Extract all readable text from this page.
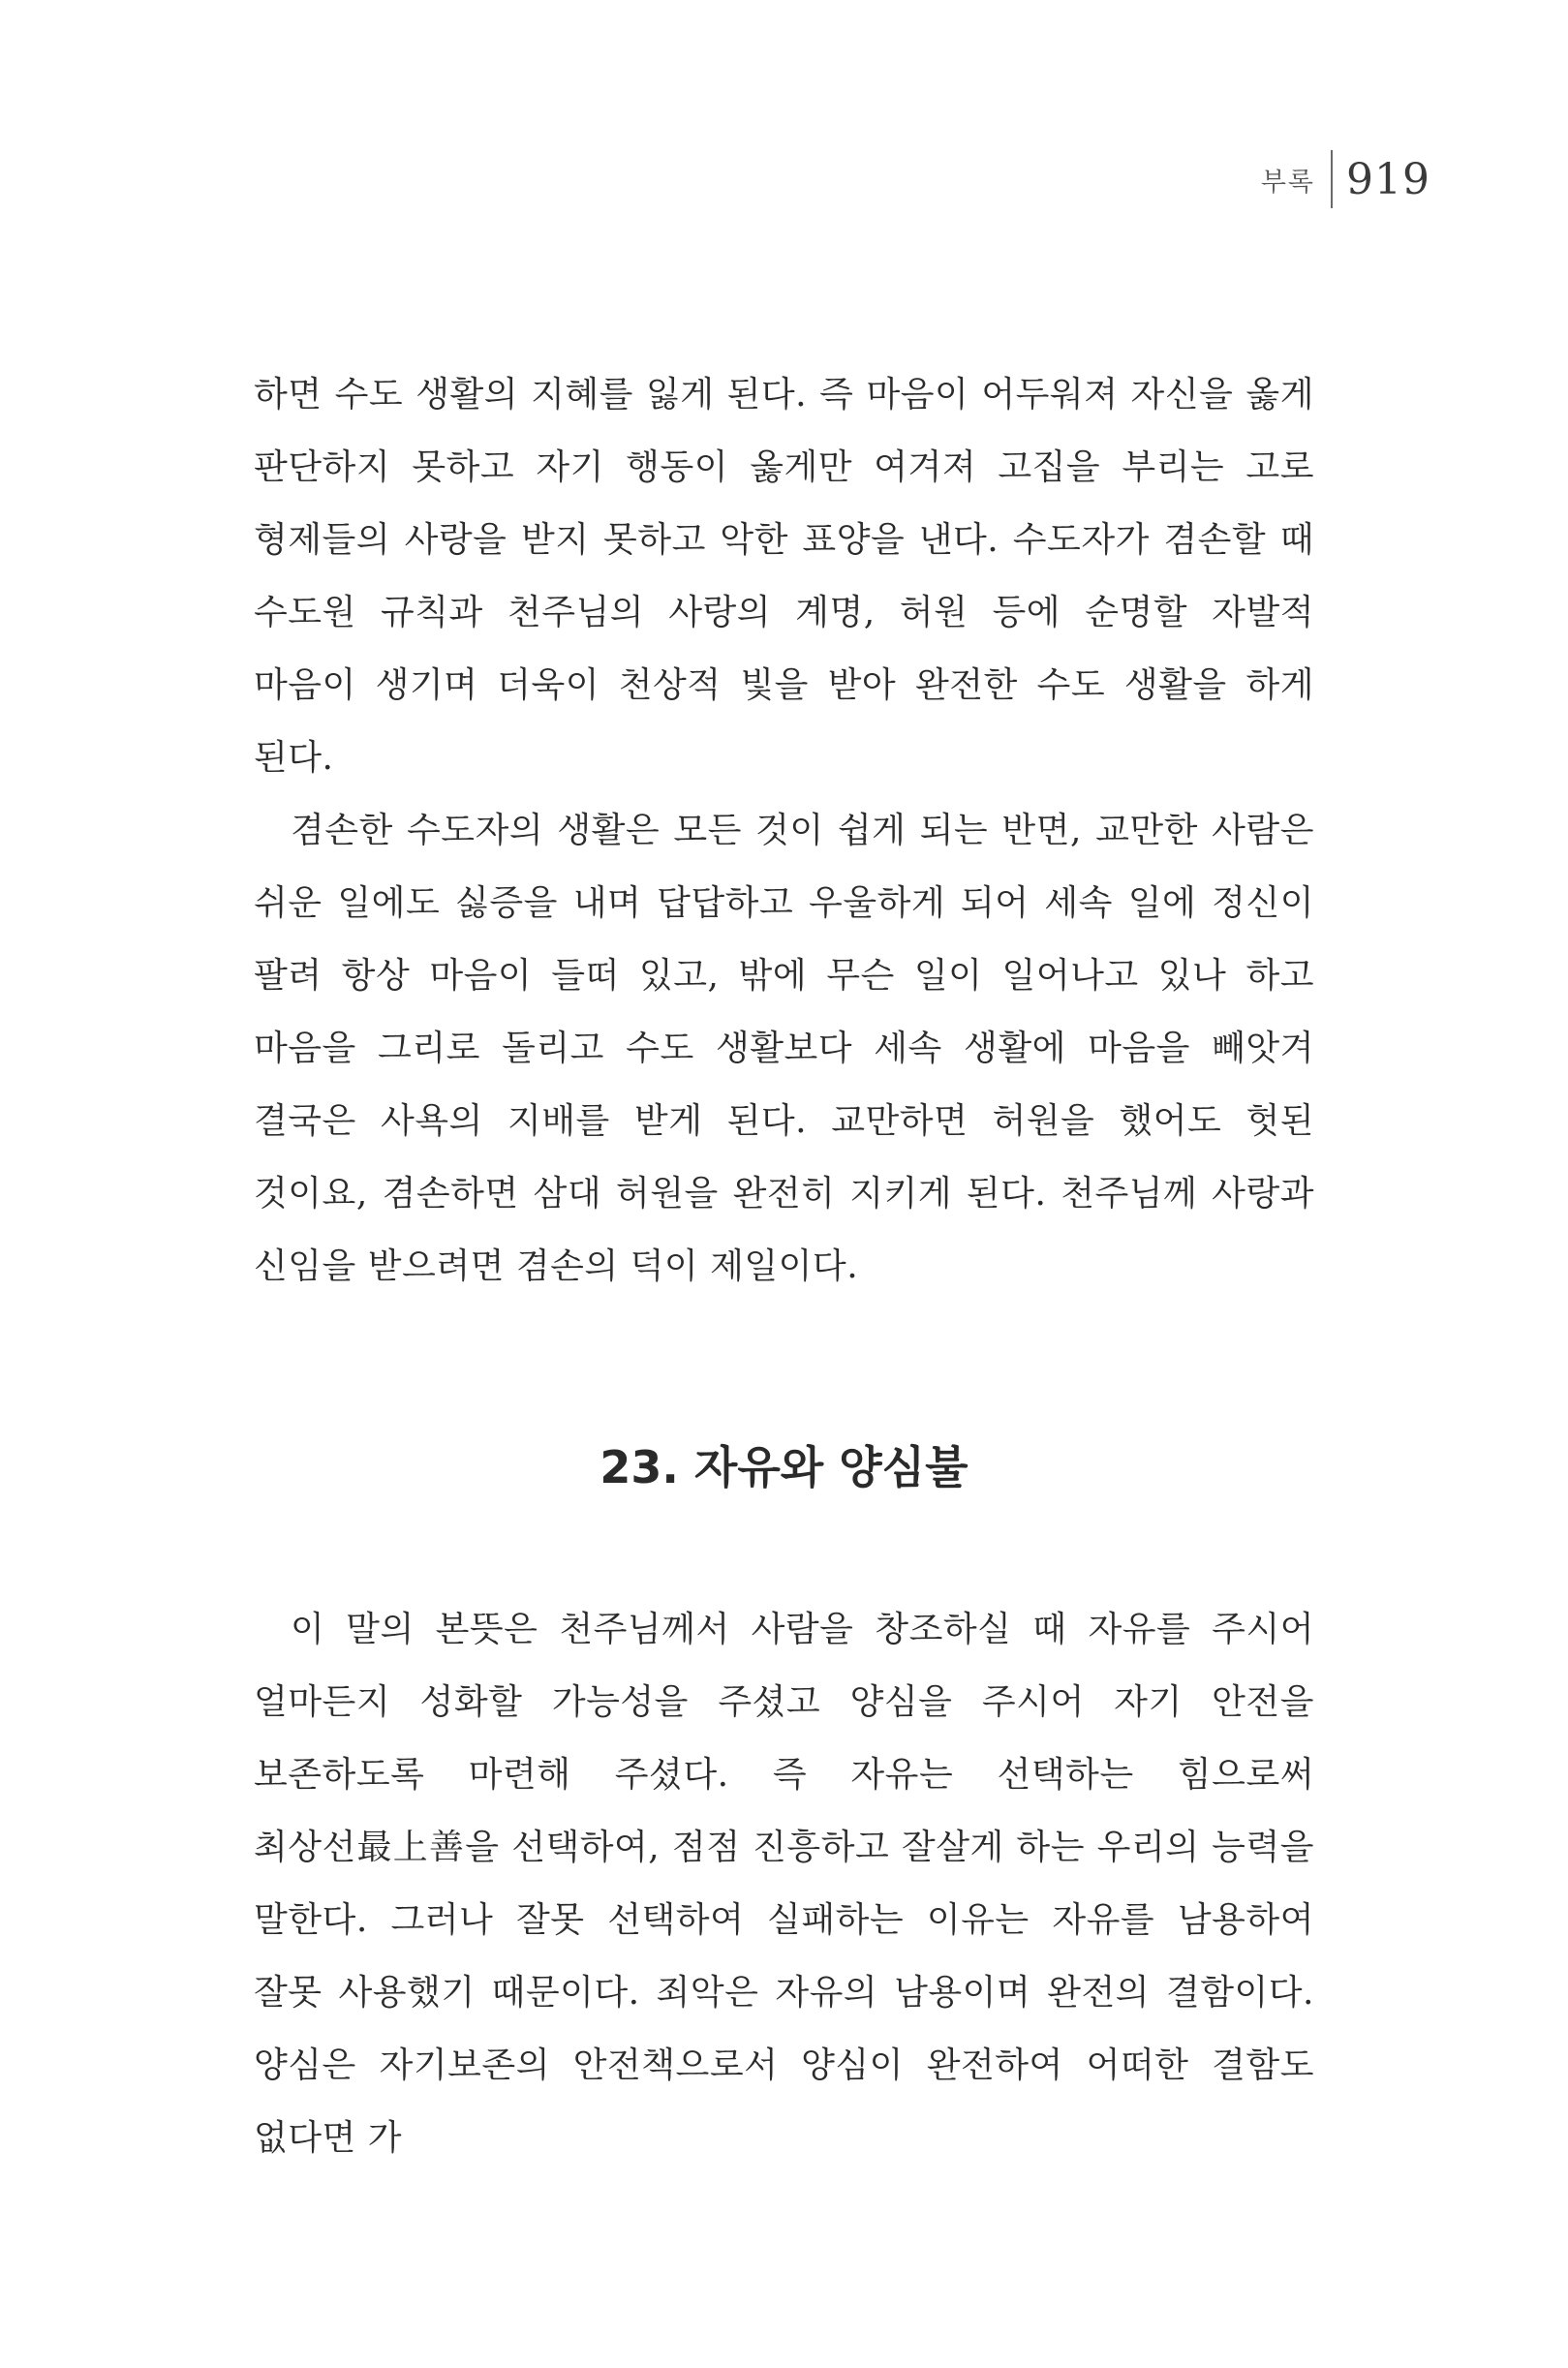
부록 919

하면 수도 생활의 지혜를 잃게 된다. 즉 마음이 어두워져 자신을 옳게 판단하지 못하고 자기 행동이 옳게만 여겨져 고집을 부리는 고로 형제들의 사랑을 받지 못하고 악한 표양을 낸다. 수도자가 겸손할 때 수도원 규칙과 천주님의 사랑의 계명, 허원 등에 순명할 자발적 마음이 생기며 더욱이 천상적 빛을 받아 완전한 수도 생활을 하게 된다.

겸손한 수도자의 생활은 모든 것이 쉽게 되는 반면, 교만한 사람은 쉬운 일에도 싫증을 내며 답답하고 우울하게 되어 세속 일에 정신이 팔려 항상 마음이 들떠 있고, 밖에 무슨 일이 일어나고 있나 하고 마음을 그리로 돌리고 수도 생활보다 세속 생활에 마음을 빼앗겨 결국은 사욕의 지배를 받게 된다. 교만하면 허원을 했어도 헛된 것이요, 겸손하면 삼대 허원을 완전히 지키게 된다. 천주님께 사랑과 신임을 받으려면 겸손의 덕이 제일이다.

23. 자유와 양심불

이 말의 본뜻은 천주님께서 사람을 창조하실 때 자유를 주시어 얼마든지 성화할 가능성을 주셨고 양심을 주시어 자기 안전을 보존하도록 마련해 주셨다. 즉 자유는 선택하는 힘으로써 최상선最上善을 선택하여, 점점 진흥하고 잘살게 하는 우리의 능력을 말한다. 그러나 잘못 선택하여 실패하는 이유는 자유를 남용하여 잘못 사용했기 때문이다. 죄악은 자유의 남용이며 완전의 결함이다. 양심은 자기보존의 안전책으로서 양심이 완전하여 어떠한 결함도 없다면 가
